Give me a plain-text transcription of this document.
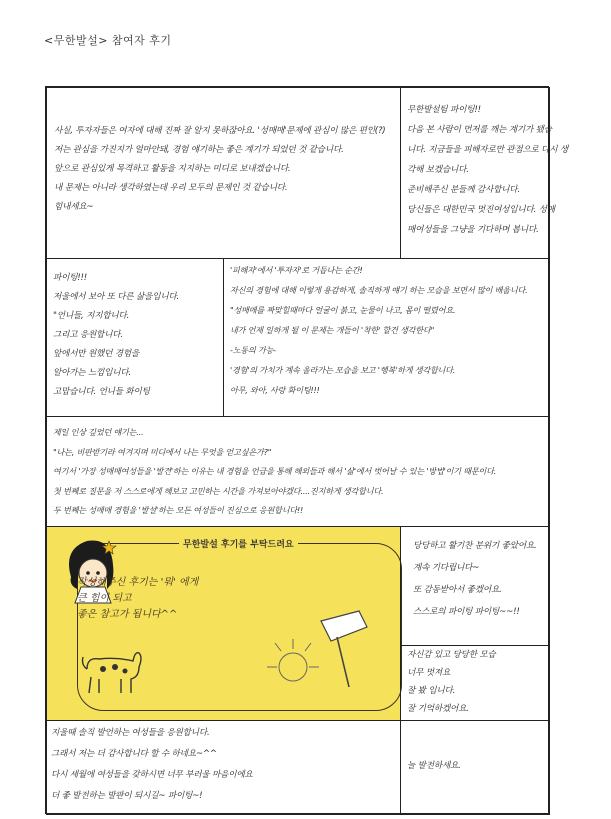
<무한발설> 참여자 후기
사실, 투자자들은 여자에 대해 진짜 잘 알지 못하잖아요. '성매매'문제에 관심이 많은 편인(?)
저는 관심을 가진지가 얼마안돼, 경험 얘기하는 좋은 계기가 되었던 것 같습니다.
앞으로 관심있게 목격하고 활동을 지지하는 미디로 보내겠습니다.
내 문제는 아니라 생각하였는데 우리 모두의 문제인 것 같습니다.
힘내세요~
무한발설팀 파이팅!!
다음 본 사람이 먼저를 깨는 계기가 됐습
니다. 지금들을 피해자로만 관점으로 다시 생
각해 보겠습니다.
준비해주신 분들께 감사합니다.
당신들은 대한민국 멋진여성입니다. 성매
매여성들을 그냥을 기다하며 봅니다.
파이팅!!!
저울에서 보아 또 다른 삶을입니다.
"언니들, 지지합니다.
그리고 응원합니다.
앞에서만 원했던 경험을
알아가는 느낌입니다.
고맙습니다. 언니들 화이팅
'피해자'에서 '투자자'로 거듭나는 순간!
자신의 경험에 대해 이렇게 용감하게, 솔직하게 얘기 하는 모습을 보면서 많이 배웁니다.
"성매매를 짜맞힐때마다 얼굴이 붉고, 눈물이 나고, 몸이 떨렸어요.
내가 언제 일하게 될 이 문제는 개들이 '착한' 할건 생각한다"
-노동의 가능-
'경험'의 가치가 계속 올라가는 모습을 보고 '행복'하게 생각합니다.
아무, 와아, 사랑 화이팅!!!
제일 인상 깊었던 얘기는...
"나는, 비판받기라 여겨지며 미디에서 나는 무엇을 얻고싶은가?"
여기서 '가장 성매매여성들을 '발견'하는 이유는 내 경험을 언급을 통해 해외들과 해서 '삶'에서 벗어날 수 있는 '방법'이기 때문이다.
첫 번째로 질문을 저 스스로에게 해보고 고민하는 시간을 가져보아야겠다....진지하게 생각합니다.
두 번째는 성매매 경험을 '발설'하는 모든 여성들이 진심으로 응원합니다!!
무한발설 후기를 부탁드려요
작성해주신 후기는 '뭐' 에게
큰 힘이 되고
좋은 참고가 됩니다^^
당당하고 활기찬 분위기 좋았어요.
계속 기다립니다~
또 감동받아서 좋겠어요.
스스로의 파이팅 파이팅~~!!
자신감 있고 당당한 모습
너무 멋져요
잘 봤 입니다.
잘 기억하겠어요.
지울때 솔직 발언하는 여성들을 응원합니다.
그래서 저는 더 감사합니다 할 수 하네요~^^
다시 세월에 여성들을 갖하시면 너무 부러울 마음이에요
더 좋 발전하는 발판이 되시길~ 파이팅~!
늘 발전하세요.
